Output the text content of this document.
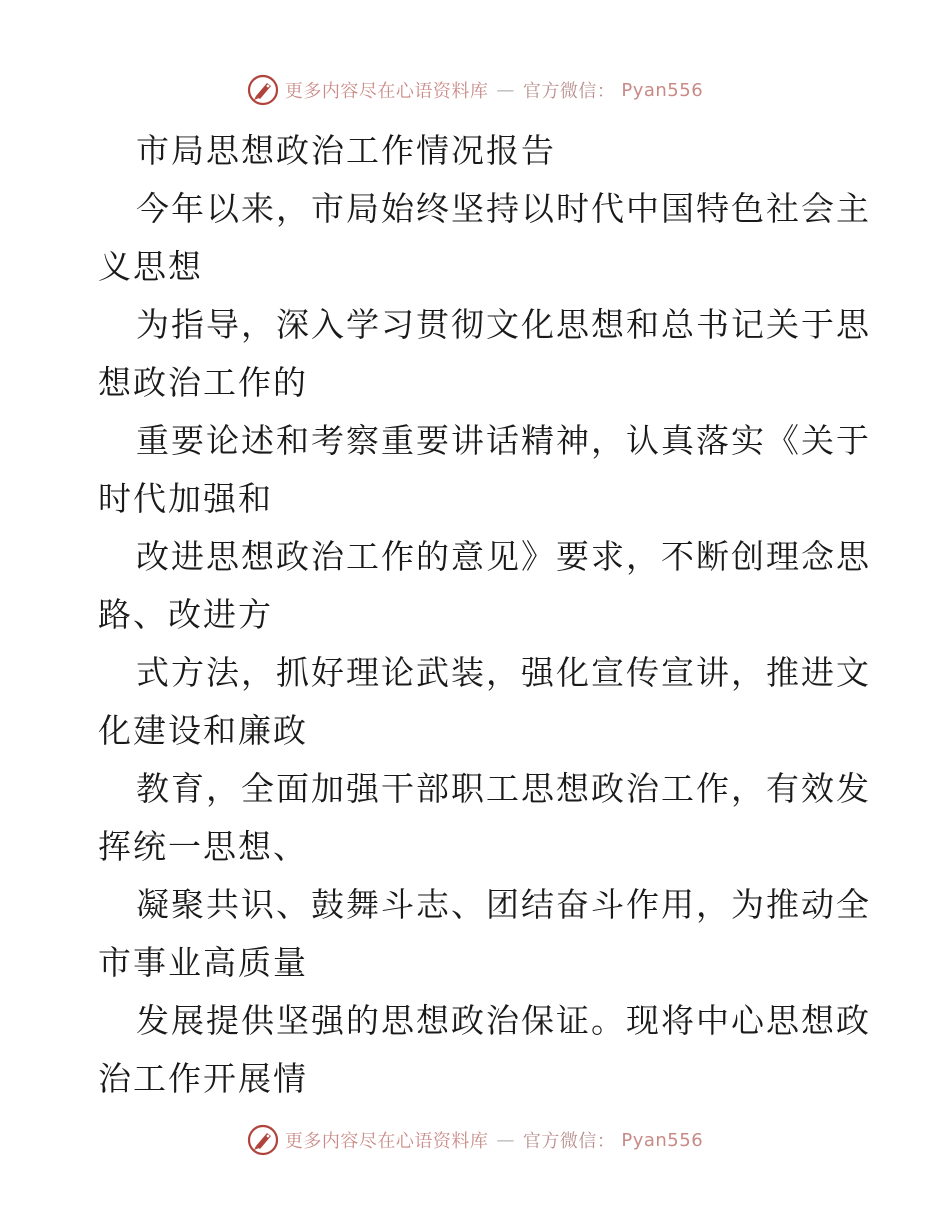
更多内容尽在心语资料库 — 官方微信： Pyan556
市局思想政治工作情况报告
今年以来，市局始终坚持以时代中国特色社会主
义思想
为指导，深入学习贯彻文化思想和总书记关于思
想政治工作的
重要论述和考察重要讲话精神，认真落实《关于
时代加强和
改进思想政治工作的意见》要求，不断创理念思
路、改进方
式方法，抓好理论武装，强化宣传宣讲，推进文
化建设和廉政
教育，全面加强干部职工思想政治工作，有效发
挥统一思想、
凝聚共识、鼓舞斗志、团结奋斗作用，为推动全
市事业高质量
发展提供坚强的思想政治保证。现将中心思想政
治工作开展情
更多内容尽在心语资料库 — 官方微信： Pyan556
